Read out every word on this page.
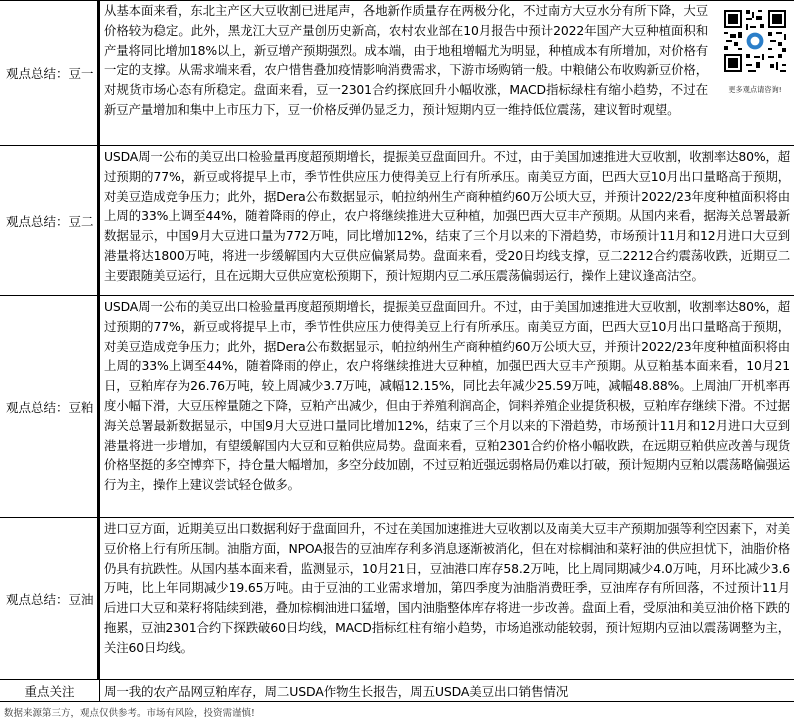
观点总结：豆一
从基本面来看，东北主产区大豆收割已进尾声，各地新作质量存在两极分化，不过南方大豆水分有所下降，大豆价格较为稳定。此外，黑龙江大豆产量创历史新高，农村农业部在10月报告中预计2022年国产大豆种植面积和产量将同比增加18%以上，新豆增产预期强烈。成本端，由于地租增幅尤为明显，种植成本有所增加，对价格有一定的支撑。从需求端来看，农户惜售叠加疫情影响消费需求，下游市场购销一般。中粮储公布收购新豆价格，对规货市场心态有所稳定。盘面来看，豆一2301合约探底回升小幅收涨，MACD指标绿柱有缩小趋势，不过在新豆产量增加和集中上市压力下，豆一价格反弹仍显乏力，预计短期内豆一维持低位震荡，建议暂时观望。
更多观点请咨询!
观点总结：豆二
USDA周一公布的美豆出口检验量再度超预期增长，提振美豆盘面回升。不过，由于美国加速推进大豆收割，收割率达80%，超过预期的77%，新豆或将提早上市，季节性供应压力使得美豆上行有所承压。南美豆方面，巴西大豆10月出口量略高于预期，对美豆造成竞争压力；此外，据Dera公布数据显示，帕拉纳州生产商种植约60万公顷大豆，并预计2022/23年度种植面积将由上周的33%上调至44%，随着降雨的停止，农户将继续推进大豆种植，加强巴西大豆丰产预期。从国内来看，据海关总署最新数据显示，中国9月大豆进口量为772万吨，同比增加12%，结束了三个月以来的下滑趋势，市场预计11月和12月进口大豆到港量将达1800万吨，将进一步缓解国内大豆供应偏紧局势。盘面来看，受20日均线支撑，豆二2212合约震荡收跌，近期豆二主要跟随美豆运行，且在远期大豆供应宽松预期下，预计短期内豆二承压震荡偏弱运行，操作上建议逢高沽空。
观点总结：豆粕
USDA周一公布的美豆出口检验量再度超预期增长，提振美豆盘面回升。不过，由于美国加速推进大豆收割，收割率达80%，超过预期的77%，新豆或将提早上市，季节性供应压力使得美豆上行有所承压。南美豆方面，巴西大豆10月出口量略高于预期，对美豆造成竞争压力；此外，据Dera公布数据显示，帕拉纳州生产商种植约60万公顷大豆，并预计2022/23年度种植面积将由上周的33%上调至44%，随着降雨的停止，农户将继续推进大豆种植，加强巴西大豆丰产预期。从豆粕基本面来看，10月21日，豆粕库存为26.76万吨，较上周减少3.7万吨，减幅12.15%，同比去年减少25.59万吨，减幅48.88%。上周油厂开机率再度小幅下滑，大豆压榨量随之下降，豆粕产出减少，但由于养殖利润高企，饲料养殖企业提货积极，豆粕库存继续下滑。不过据海关总署最新数据显示，中国9月大豆进口量同比增加12%，结束了三个月以来的下滑趋势，市场预计11月和12月进口大豆到港量将进一步增加，有望缓解国内大豆和豆粕供应局势。盘面来看，豆粕2301合约价格小幅收跌，在远期豆粕供应改善与现货价格坚挺的多空博弈下，持仓量大幅增加，多空分歧加剧，不过豆粕近强远弱格局仍难以打破，预计短期内豆粕以震荡略偏强运行为主，操作上建议尝试轻仓做多。
观点总结：豆油
进口豆方面，近期美豆出口数据利好于盘面回升，不过在美国加速推进大豆收割以及南美大豆丰产预期加强等利空因素下，对美豆价格上行有所压制。油脂方面，NPOA报告的豆油库存利多消息逐渐被消化，但在对棕榈油和菜籽油的供应担忧下，油脂价格仍具有抗跌性。从国内基本面来看，监测显示，10月21日，豆油港口库存58.2万吨，比上周同期减少4.0万吨，月环比减少3.6万吨，比上年同期减少19.65万吨。由于豆油的工业需求增加，第四季度为油脂消费旺季，豆油库存有所回落，不过预计11月后进口大豆和菜籽将陆续到港，叠加棕榈油进口猛增，国内油脂整体库存将进一步改善。盘面上看，受原油和美豆油价格下跌的拖累，豆油2301合约下探跌破60日均线，MACD指标红柱有缩小趋势，市场追涨动能较弱，预计短期内豆油以震荡调整为主，关注60日均线。
重点关注	周一我的农产品网豆粕库存，周二USDA作物生长报告，周五USDA美豆出口销售情况
数据来源第三方，观点仅供参考。市场有风险，投资需谨慎!
